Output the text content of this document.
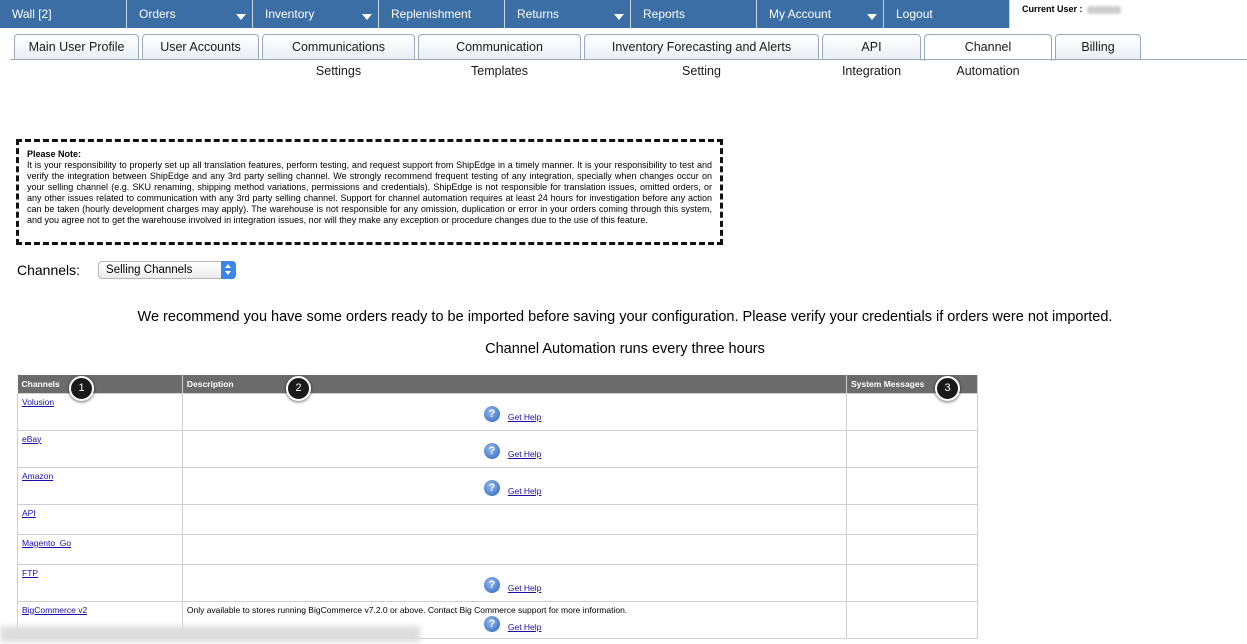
Wall [2]	Orders	Inventory	Replenishment	Returns	Reports	My Account	Logout	Current User :
Main User Profile	User Accounts	Communications Settings
Communication Templates
Inventory Forecasting and Alerts Setting
API Integration
Channel Automation
Billing
Please Note:
It is your responsibility to properly set up all translation features, perform testing, and request support from ShipEdge in a timely manner. It is your responsibility to test and verify the integration between ShipEdge and any 3rd party selling channel. We strongly recommend frequent testing of any integration, specially when changes occur on your selling channel (e.g. SKU renaming, shipping method variations, permissions and credentials). ShipEdge is not responsible for translation issues, omitted orders, or any other issues related to communication with any 3rd party selling channel. Support for channel automation requires at least 24 hours for investigation before any action can be taken (hourly development charges may apply). The warehouse is not responsible for any omission, duplication or error in your orders coming through this system, and you agree not to get the warehouse involved in integration issues, nor will they make any exception or procedure changes due to the use of this feature.
Channels:	Selling Channels
We recommend you have some orders ready to be imported before saving your configuration. Please verify your credentials if orders were not imported.
Channel Automation runs every three hours
Channels	Description	System Messages
Volusion	? Get Help	

eBay	? Get Help	

Amazon	? Get Help	

API		
Magento_Go		
FTP	? Get Help	

BigCommerce v2	Only available to stores running BigCommerce v7.2.0 or above. Contact Big Commerce support for more information.
? Get Help	

1	2	3
